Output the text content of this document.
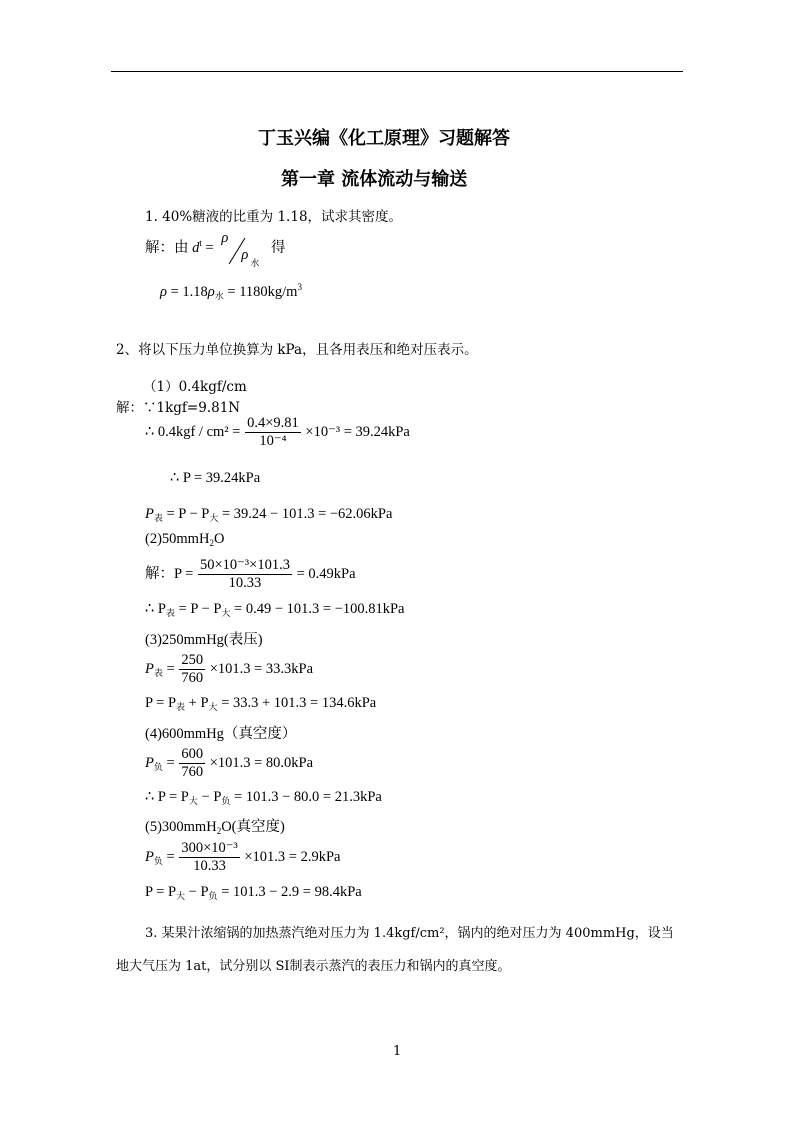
丁玉兴编《化工原理》习题解答
第一章 流体流动与输送
1. 40%糖液的比重为 1.18，试求其密度。
解：由 $d^t$ =
ρ
ρ 水
得
$\rho = 1.18\rho_水 = 1180kg/m^3$
2、将以下压力单位换算为 kPa，且各用表压和绝对压表示。
（1）0.4kgf/cm
解：∵1kgf=9.81N
∴ $0.4kgf / cm^2 = \frac{0.4\times 9.81}{\text{10⁻⁴}} \times 10^{-3} = 39.24kPa$
∴ P = 39.24kPa
$P_表 = P - P_大 = 39.24 - 101.3 = -62.06kPa$
(2)50mmH$_2$O
解：$P = \frac{\text{50×10⁻³×101.3}}{10.33} = 0.49kPa$
∴ $P_表 = P - P_大 = 0.49 - 101.3 = -100.81kPa$
(3)250mmHg(表压)
$P_表 = \frac{250}{760} \times 101.3 = 33.3kPa$
$P = P_表 + P_大 = 33.3 + 101.3 = 134.6kPa$
(4)600mmHg（真空度）
$P_负 = \frac{600}{760} \times 101.3 = 80.0kPa$
∴ $P = P_大 - P_负 = 101.3 - 80.0 = 21.3kPa$
(5)300mmH$_2$O(真空度)
$P_负 = \frac{\text{300×10⁻³}}{10.33} \times 101.3 = 2.9kPa$
$P = P_大 - P_负 = 101.3 - 2.9 = 98.4kPa$
3. 某果汁浓缩锅的加热蒸汽绝对压力为 1.4kgf/cm²，锅内的绝对压力为 400mmHg，设当
地大气压为 1at，试分别以 SI制表示蒸汽的表压力和锅内的真空度。
1
